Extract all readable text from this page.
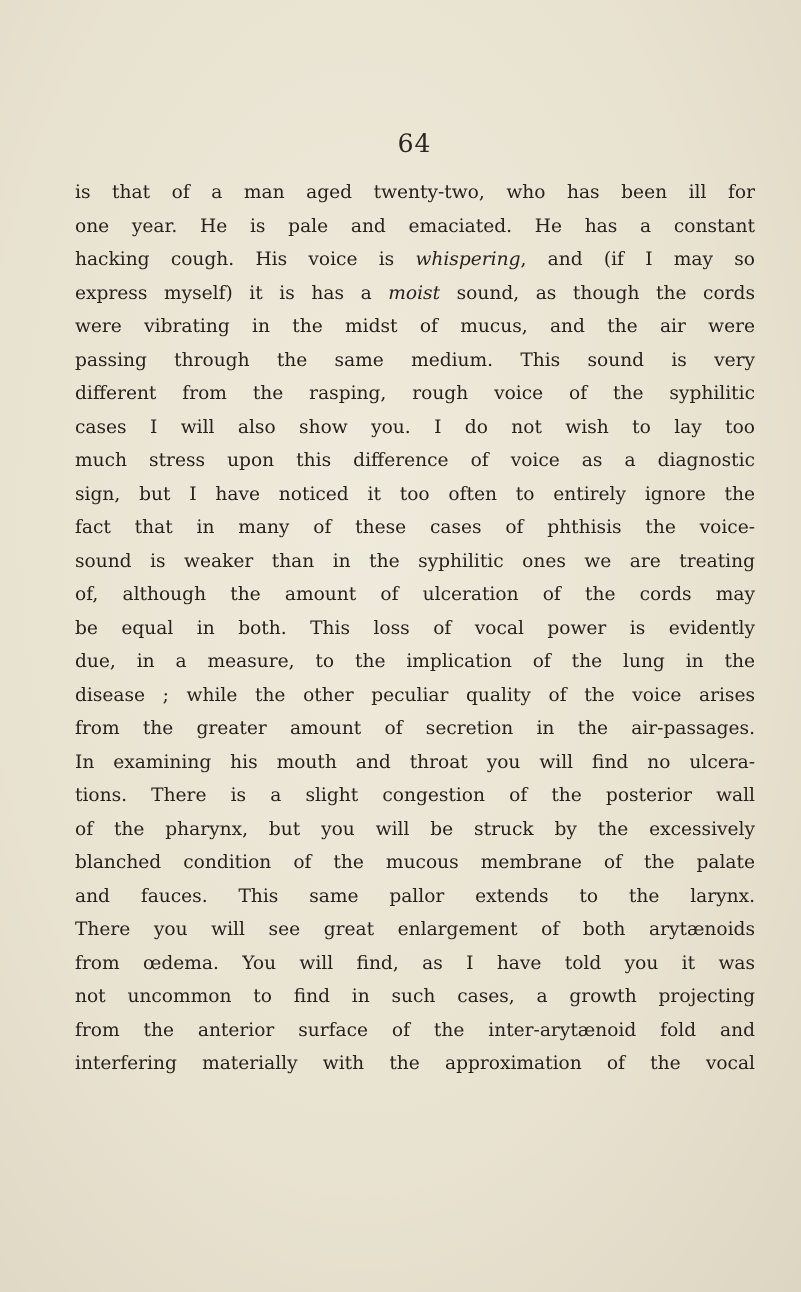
64
is that of a man aged twenty-two, who has been ill for
one year. He is pale and emaciated. He has a constant
hacking cough. His voice is whispering, and (if I may so
express myself) it is has a moist sound, as though the cords
were vibrating in the midst of mucus, and the air were
passing through the same medium. This sound is very
different from the rasping, rough voice of the syphilitic
cases I will also show you. I do not wish to lay too
much stress upon this difference of voice as a diagnostic
sign, but I have noticed it too often to entirely ignore the
fact that in many of these cases of phthisis the voice-
sound is weaker than in the syphilitic ones we are treating
of, although the amount of ulceration of the cords may
be equal in both. This loss of vocal power is evidently
due, in a measure, to the implication of the lung in the
disease ; while the other peculiar quality of the voice arises
from the greater amount of secretion in the air-passages.
In examining his mouth and throat you will find no ulcera-
tions. There is a slight congestion of the posterior wall
of the pharynx, but you will be struck by the excessively
blanched condition of the mucous membrane of the palate
and fauces. This same pallor extends to the larynx.
There you will see great enlargement of both arytænoids
from œdema. You will find, as I have told you it was
not uncommon to find in such cases, a growth projecting
from the anterior surface of the inter-arytænoid fold and
interfering materially with the approximation of the vocal
